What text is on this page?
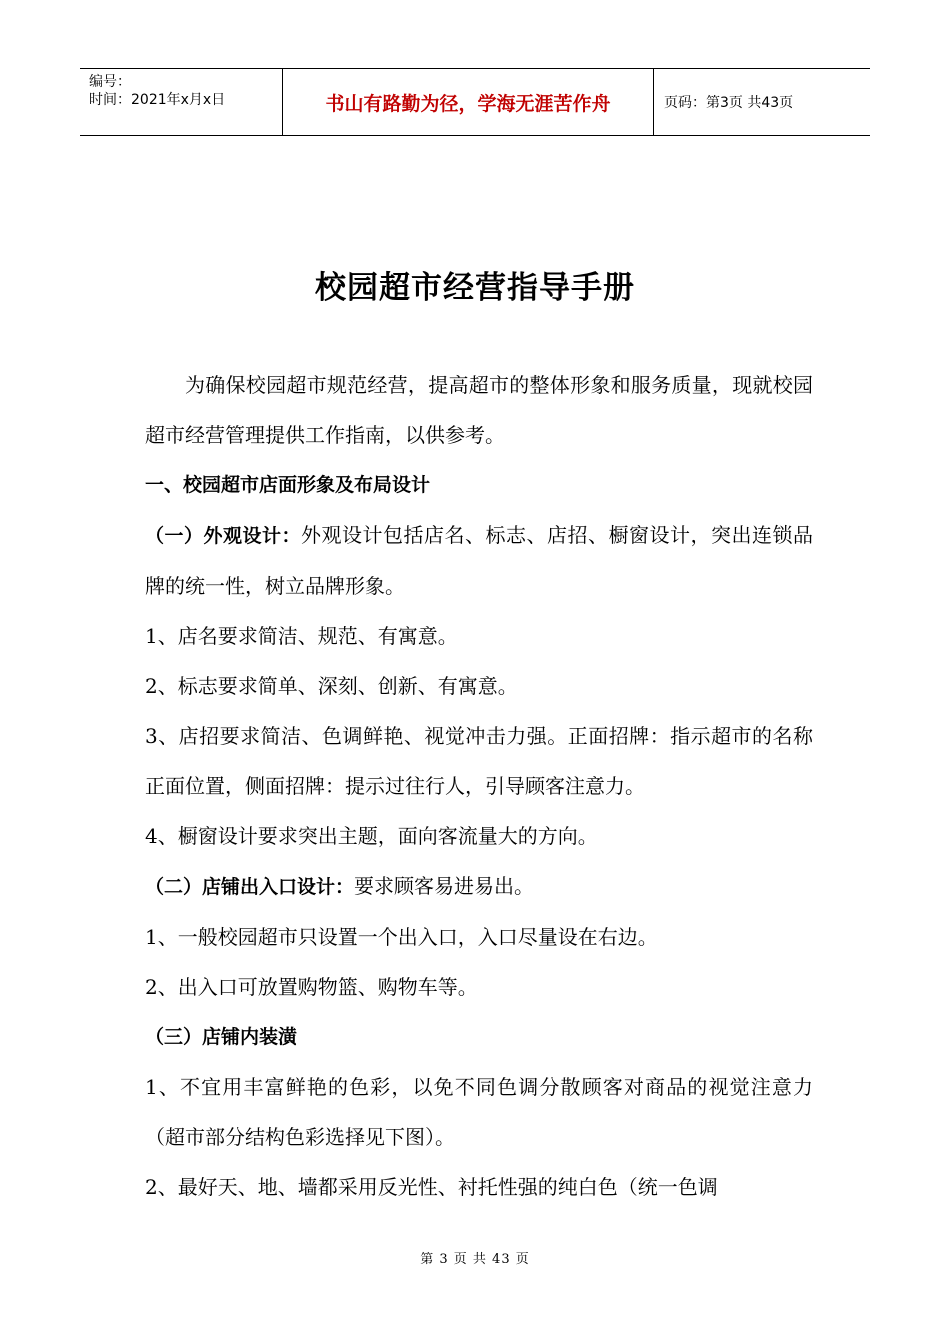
编号：
时间：2021年x月x日	书山有路勤为径，学海无涯苦作舟	页码：第3页 共43页
校园超市经营指导手册

为确保校园超市规范经营，提高超市的整体形象和服务质量，现就校园超市经营管理提供工作指南，以供参考。

一、校园超市店面形象及布局设计

（一）外观设计：外观设计包括店名、标志、店招、橱窗设计，突出连锁品牌的统一性，树立品牌形象。

1、店名要求简洁、规范、有寓意。

2、标志要求简单、深刻、创新、有寓意。

3、店招要求简洁、色调鲜艳、视觉冲击力强。正面招牌：指示超市的名称正面位置，侧面招牌：提示过往行人，引导顾客注意力。

4、橱窗设计要求突出主题，面向客流量大的方向。

（二）店铺出入口设计：要求顾客易进易出。

1、一般校园超市只设置一个出入口，入口尽量设在右边。

2、出入口可放置购物篮、购物车等。

（三）店铺内装潢

1、不宜用丰富鲜艳的色彩，以免不同色调分散顾客对商品的视觉注意力（超市部分结构色彩选择见下图）。

2、最好天、地、墙都采用反光性、衬托性强的纯白色（统一色调

第 3 页 共 43 页
